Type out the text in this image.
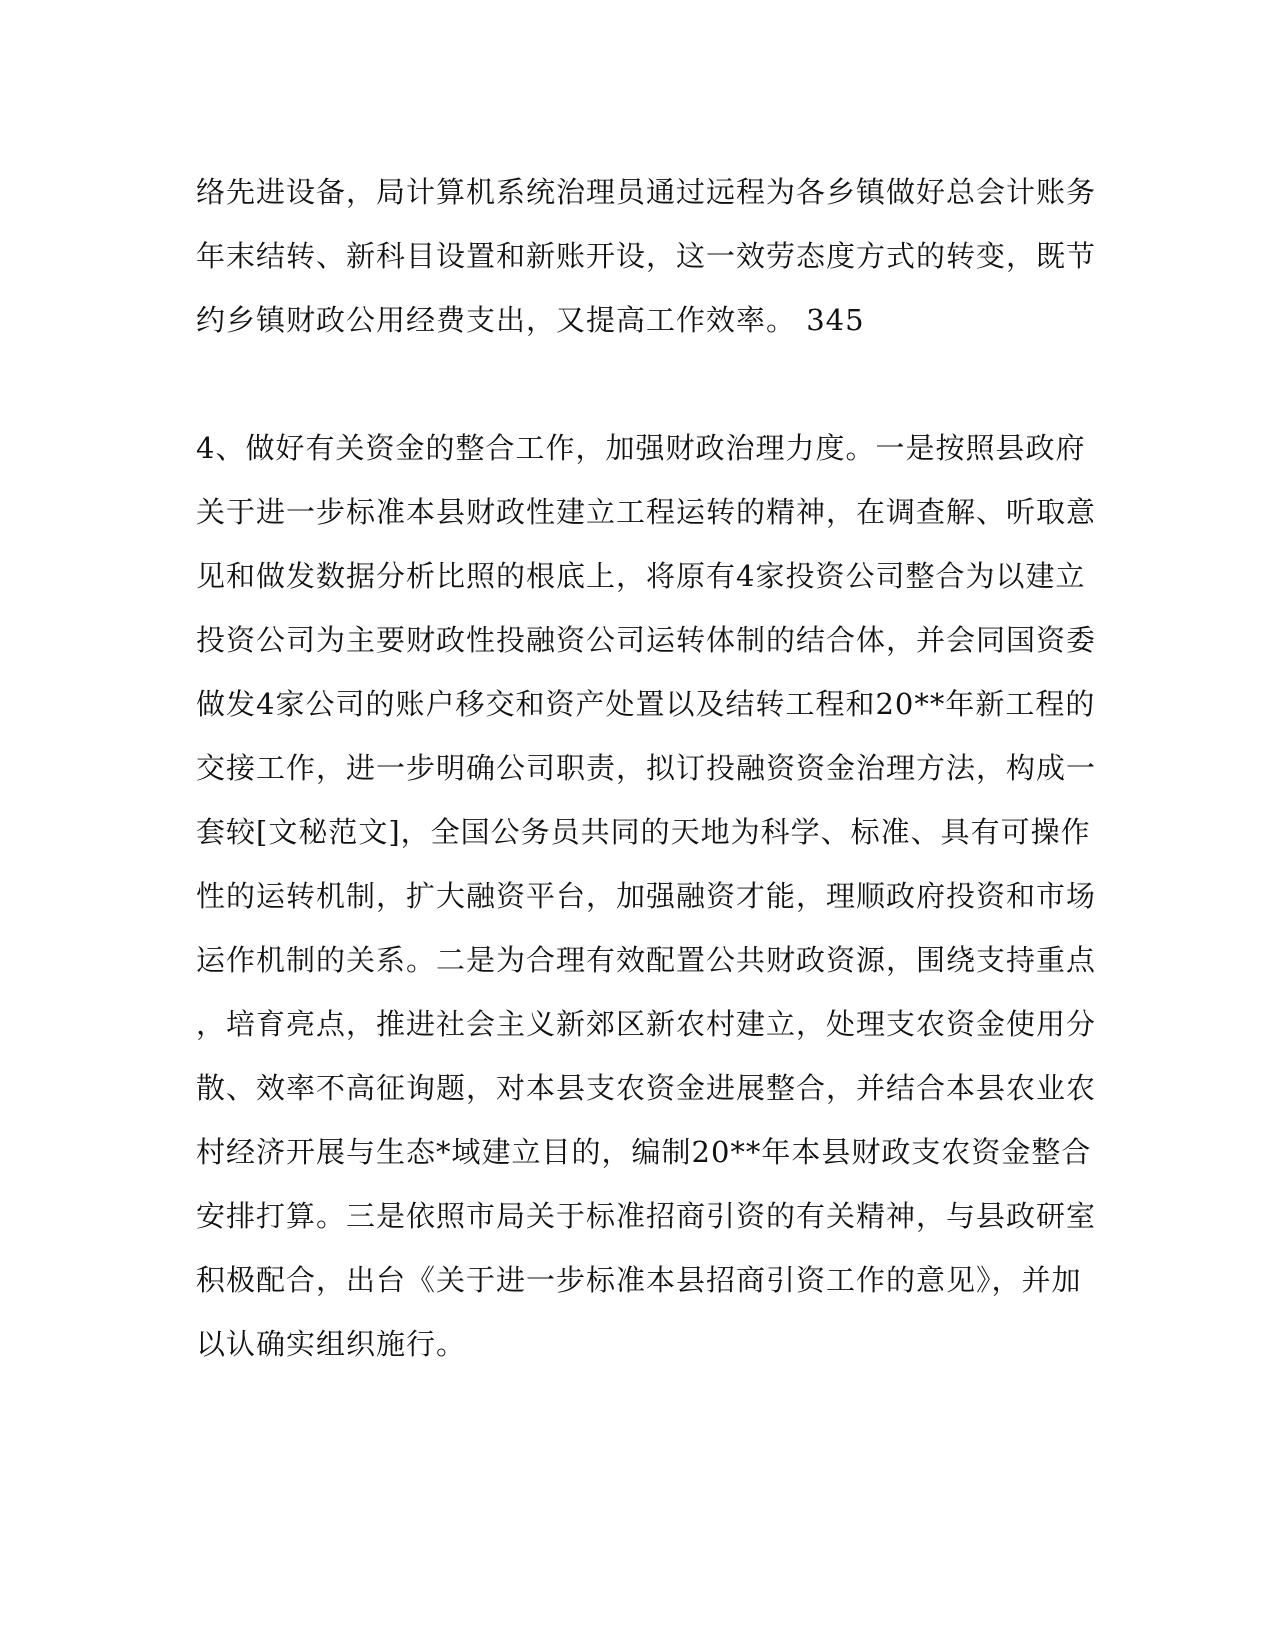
络先进设备，局计算机系统治理员通过远程为各乡镇做好总会计账务
年末结转、新科目设置和新账开设，这一效劳态度方式的转变，既节
约乡镇财政公用经费支出，又提高工作效率。 345
4、做好有关资金的整合工作，加强财政治理力度。一是按照县政府
关于进一步标准本县财政性建立工程运转的精神，在调查解、听取意
见和做发数据分析比照的根底上，将原有4家投资公司整合为以建立
投资公司为主要财政性投融资公司运转体制的结合体，并会同国资委
做发4家公司的账户移交和资产处置以及结转工程和20**年新工程的
交接工作，进一步明确公司职责，拟订投融资资金治理方法，构成一
套较[文秘范文]，全国公务员共同的天地为科学、标准、具有可操作
性的运转机制，扩大融资平台，加强融资才能，理顺政府投资和市场
运作机制的关系。二是为合理有效配置公共财政资源，围绕支持重点
，培育亮点，推进社会主义新郊区新农村建立，处理支农资金使用分
散、效率不高征询题，对本县支农资金进展整合，并结合本县农业农
村经济开展与生态*域建立目的，编制20**年本县财政支农资金整合
安排打算。三是依照市局关于标准招商引资的有关精神，与县政研室
积极配合，出台《关于进一步标准本县招商引资工作的意见》，并加
以认确实组织施行。
